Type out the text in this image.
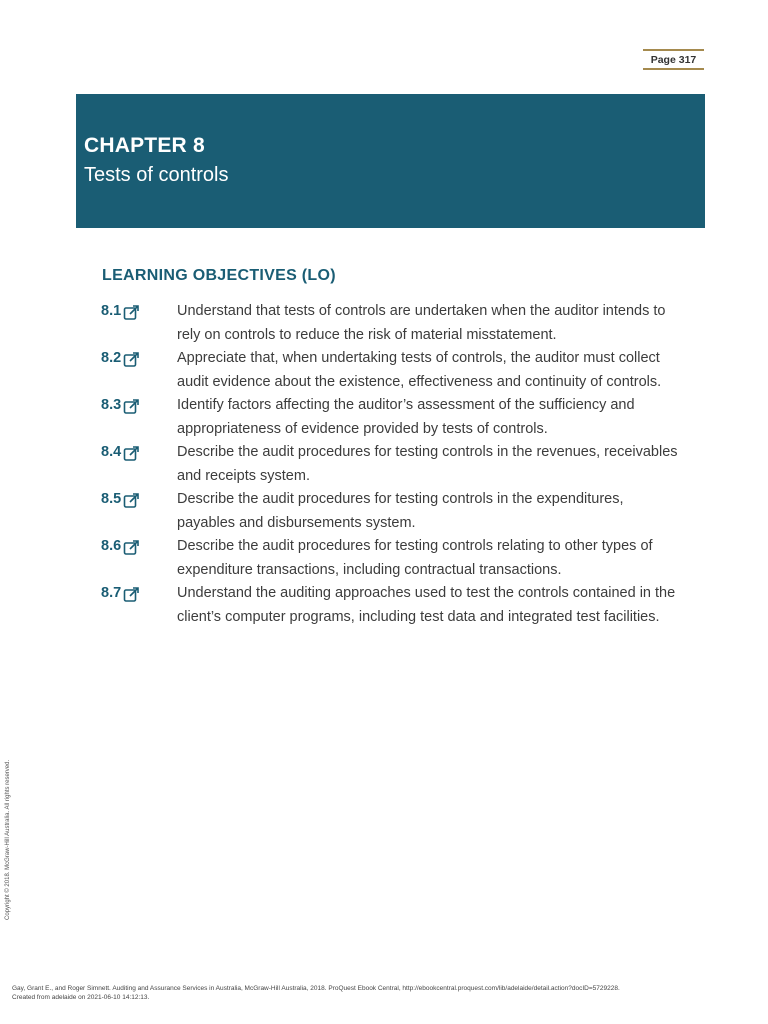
Page 317
CHAPTER 8
Tests of controls
LEARNING OBJECTIVES (LO)
8.1	Understand that tests of controls are undertaken when the auditor intends to rely on controls to reduce the risk of material misstatement.
8.2	Appreciate that, when undertaking tests of controls, the auditor must collect audit evidence about the existence, effectiveness and continuity of controls.
8.3	Identify factors affecting the auditor’s assessment of the sufficiency and appropriateness of evidence provided by tests of controls.
8.4	Describe the audit procedures for testing controls in the revenues, receivables and receipts system.
8.5	Describe the audit procedures for testing controls in the expenditures, payables and disbursements system.
8.6	Describe the audit procedures for testing controls relating to other types of expenditure transactions, including contractual transactions.
8.7	Understand the auditing approaches used to test the controls contained in the client’s computer programs, including test data and integrated test facilities.
Copyright © 2018. McGraw-Hill Australia. All rights reserved.
Gay, Grant E., and Roger Simnett. Auditing and Assurance Services in Australia, McGraw-Hill Australia, 2018. ProQuest Ebook Central, http://ebookcentral.proquest.com/lib/adelaide/detail.action?docID=5729228.
Created from adelaide on 2021-06-10 14:12:13.
